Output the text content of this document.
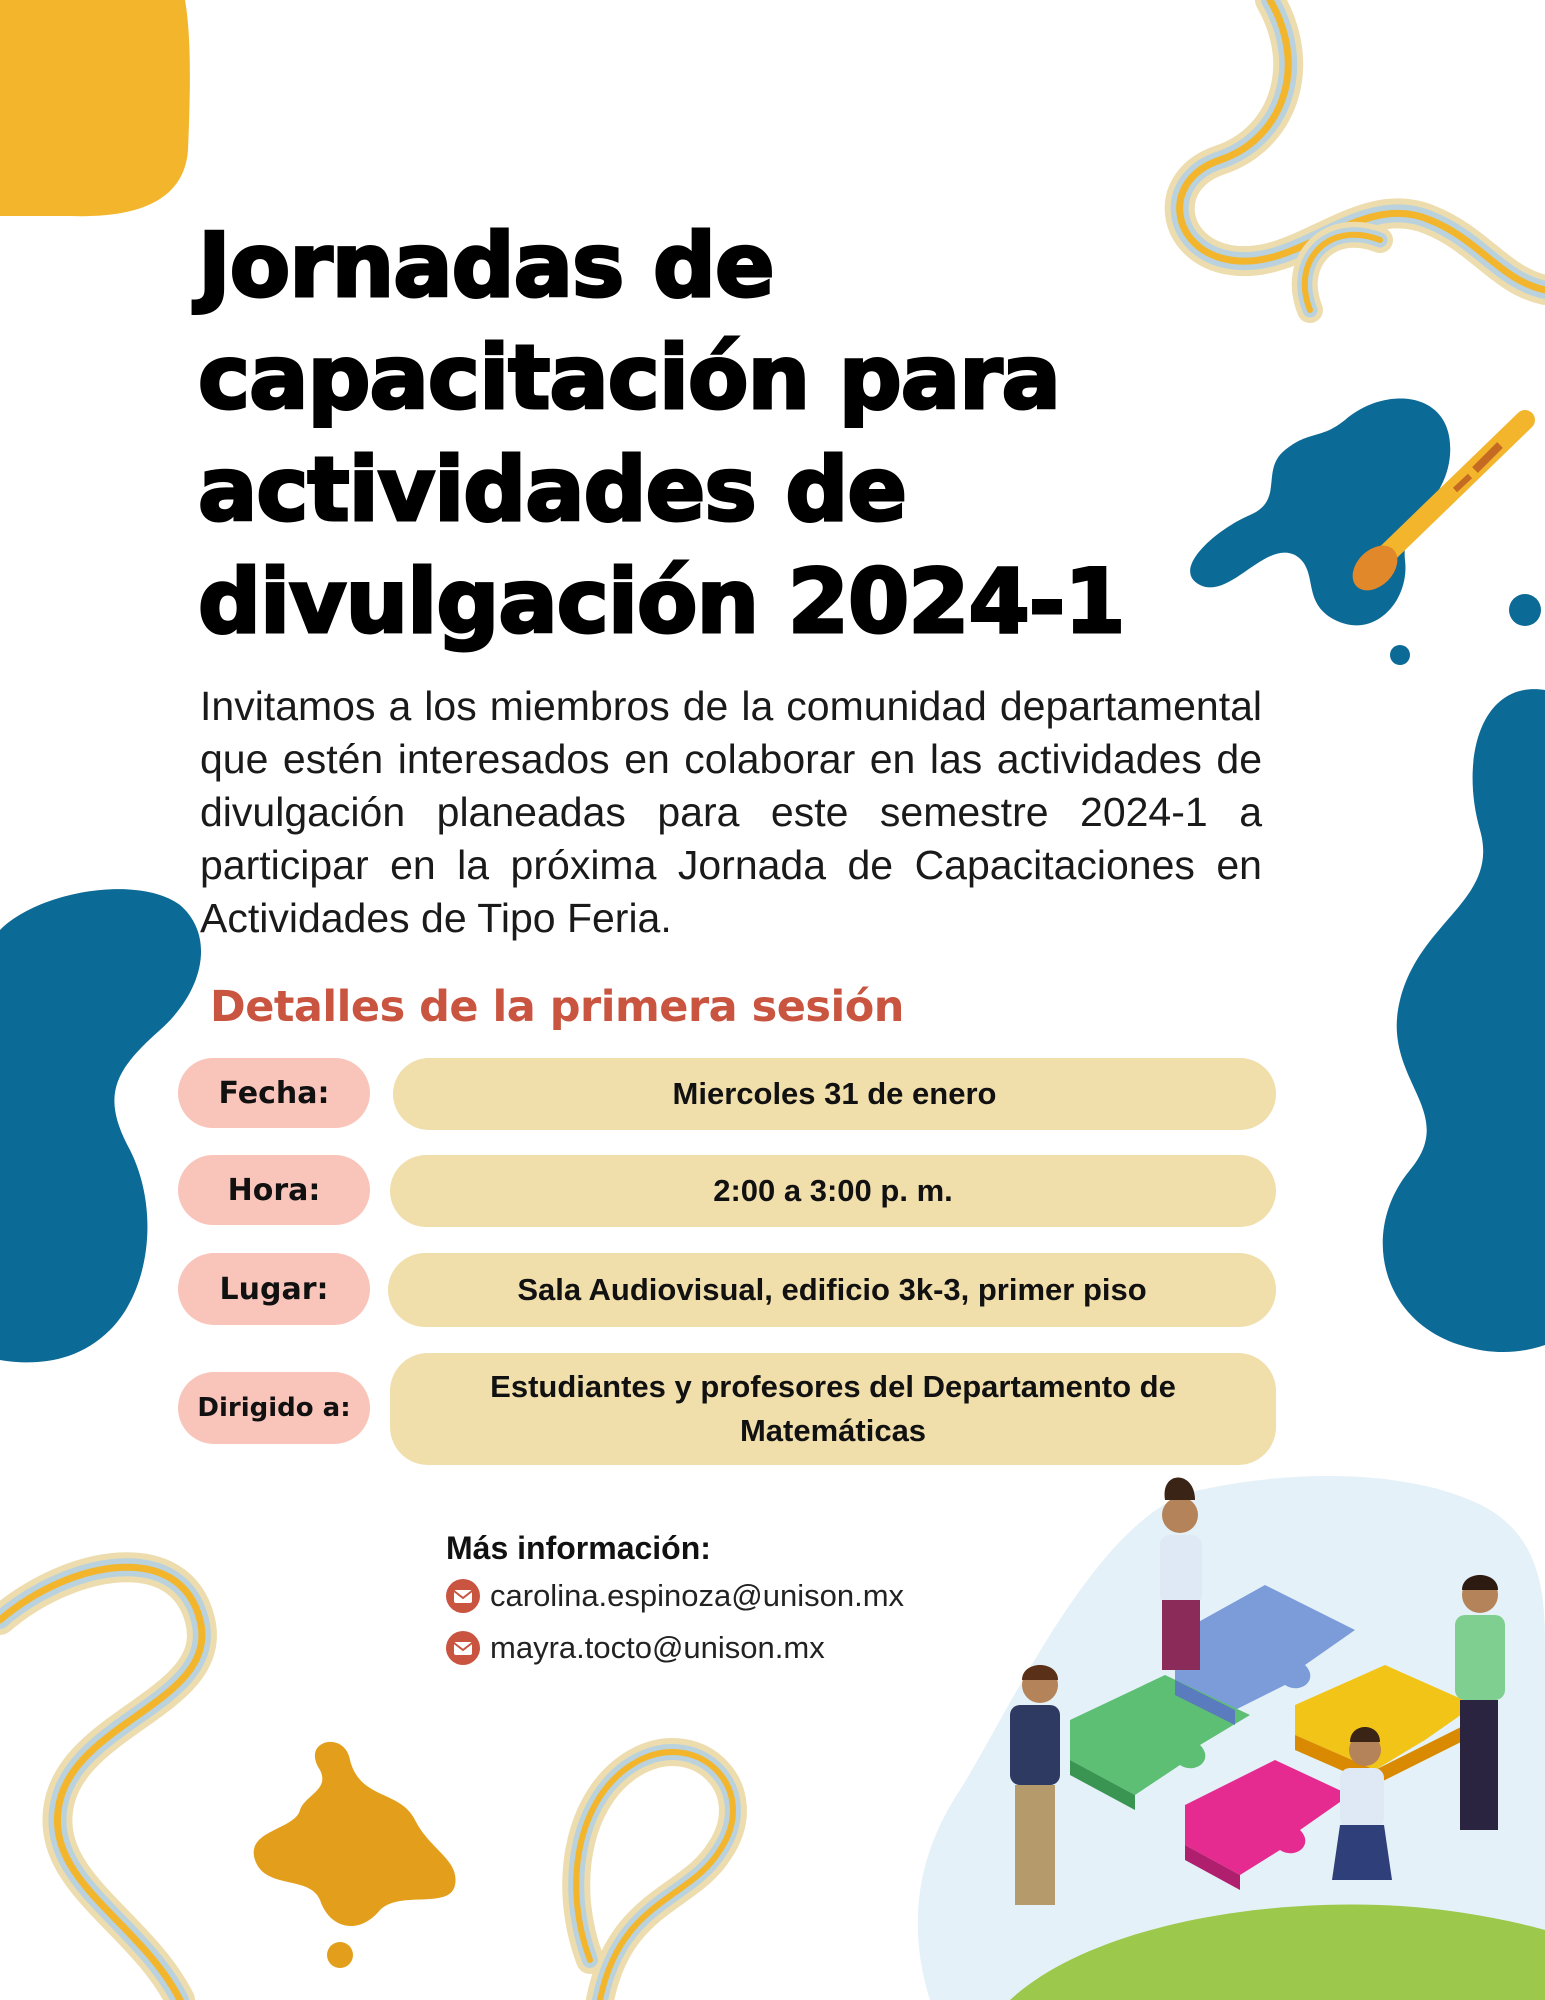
Jornadas de capacitación para actividades de divulgación 2024-1

Invitamos a los miembros de la comunidad departamental que estén interesados en colaborar en las actividades de divulgación planeadas para este semestre 2024-1 a participar en la próxima Jornada de Capacitaciones en Actividades de Tipo Feria.

Detalles de la primera sesión
Fecha:	Miercoles 31 de enero
Hora:	2:00 a 3:00 p. m.
Lugar:	Sala Audiovisual, edificio 3k-3, primer piso
Dirigido a:
Estudiantes y profesores del Departamento de Matemáticas
Más información:
carolina.espinoza@unison.mx
mayra.tocto@unison.mx
